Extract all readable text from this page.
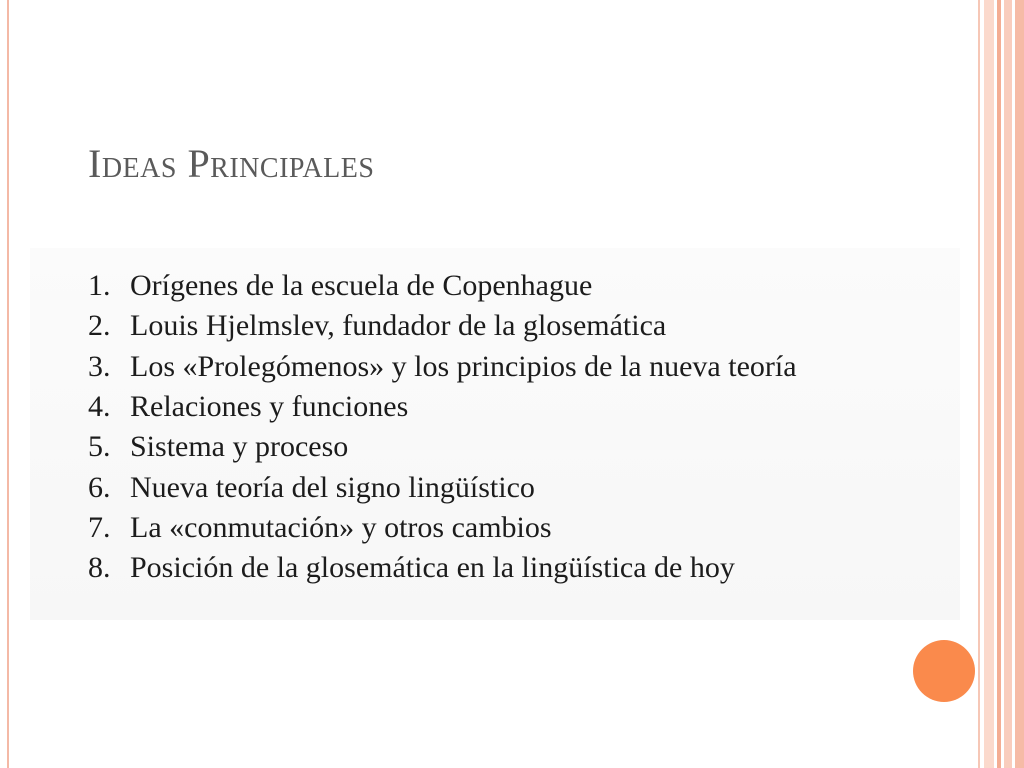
Ideas Principales
1. Orígenes de la escuela de Copenhague
2. Louis Hjelmslev, fundador de la glosemática
3. Los «Prolegómenos» y los principios de la nueva teoría
4. Relaciones y funciones
5. Sistema y proceso
6. Nueva teoría del signo lingüístico
7. La «conmutación» y otros cambios
8. Posición de la glosemática en la lingüística de hoy
